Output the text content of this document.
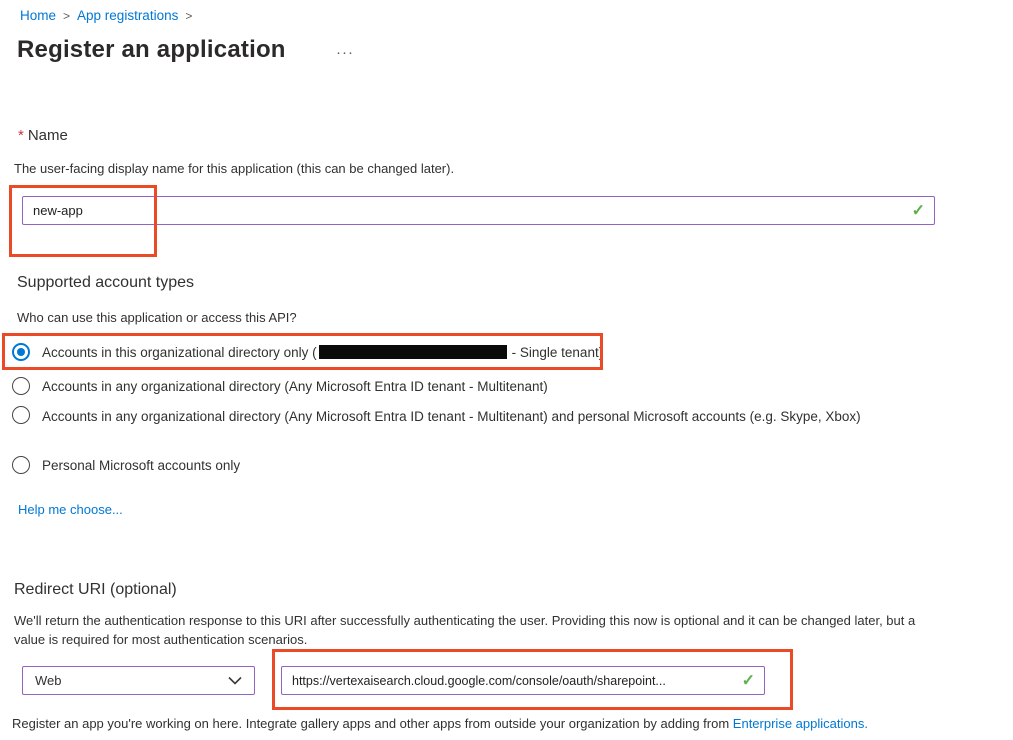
Home > App registrations >
Register an application	···
* Name
The user-facing display name for this application (this can be changed later).
new-app
✓
Supported account types
Who can use this application or access this API?
Accounts in this organizational directory only (	- Single tenant)
Accounts in any organizational directory (Any Microsoft Entra ID tenant - Multitenant)
Accounts in any organizational directory (Any Microsoft Entra ID tenant - Multitenant) and personal Microsoft accounts (e.g. Skype, Xbox)
Personal Microsoft accounts only
Help me choose...
Redirect URI (optional)
We'll return the authentication response to this URI after successfully authenticating the user. Providing this now is optional and it can be changed later, but a value is required for most authentication scenarios.
Web
https://vertexaisearch.cloud.google.com/console/oauth/sharepoint...	✓
Register an app you're working on here. Integrate gallery apps and other apps from outside your organization by adding from Enterprise applications.
